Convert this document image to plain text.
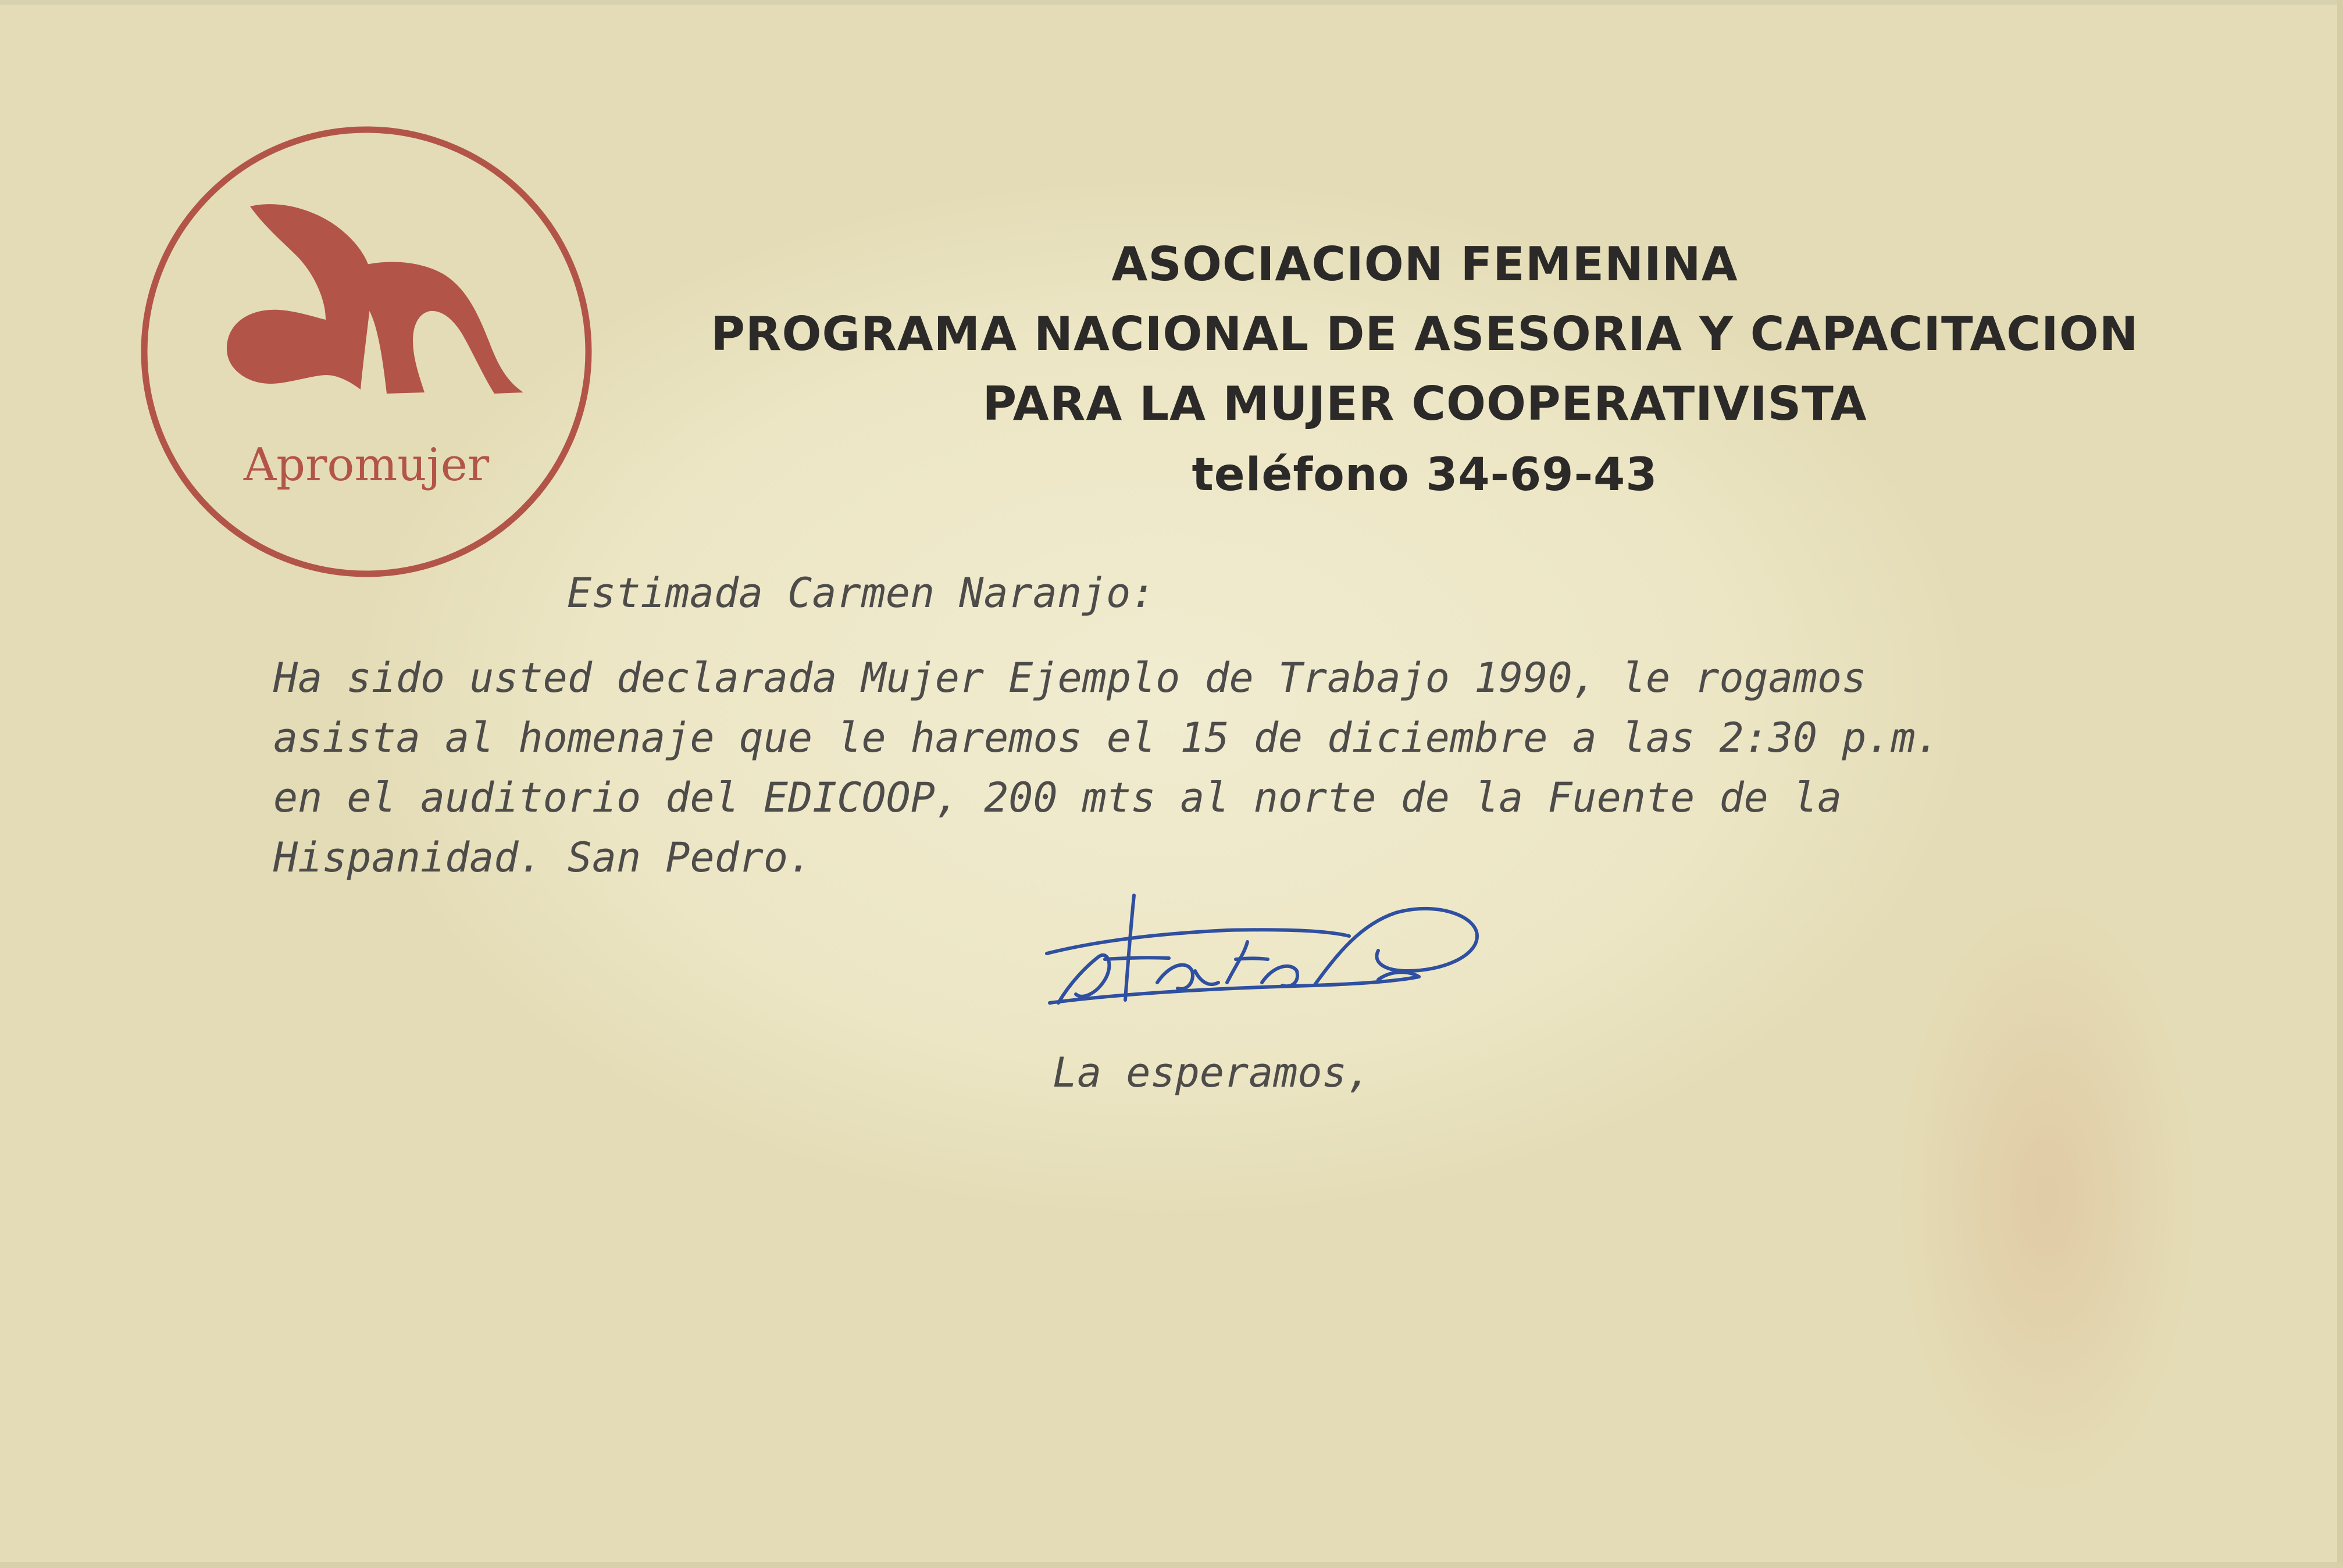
Apromujer
ASOCIACION FEMENINA
PROGRAMA NACIONAL DE ASESORIA Y CAPACITACION
PARA LA MUJER COOPERATIVISTA
teléfono 34-69-43
Estimada Carmen Naranjo:
Ha sido usted declarada Mujer Ejemplo de Trabajo 1990, le rogamos
asista al homenaje que le haremos el 15 de diciembre a las 2:30 p.m.
en el auditorio del EDICOOP, 200 mts al norte de la Fuente de la
Hispanidad. San Pedro.
La esperamos,
